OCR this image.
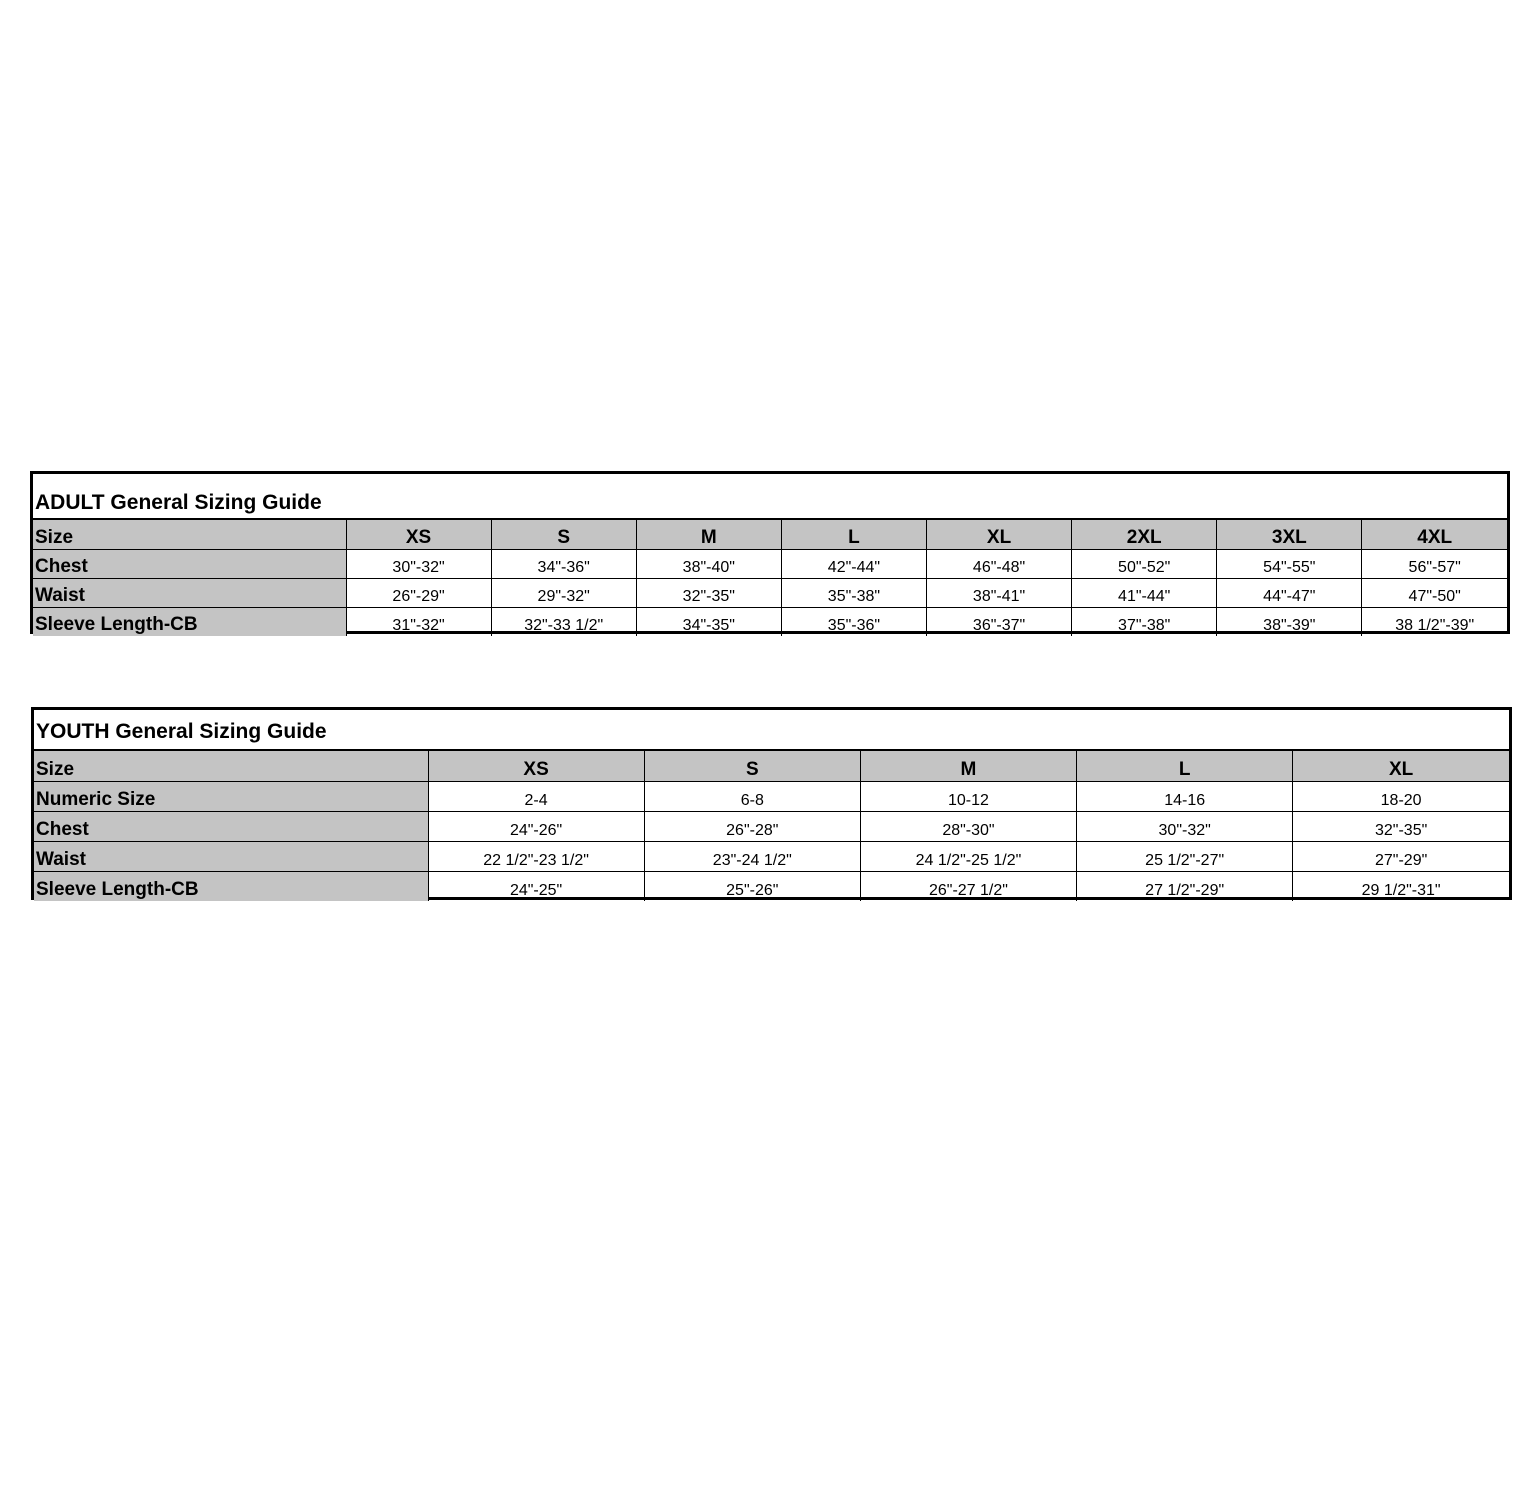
ADULT General Sizing Guide
Size	XS	S	M	L	XL	2XL	3XL	4XL
Chest	30"-32"	34"-36"	38"-40"	42"-44"	46"-48"	50"-52"	54"-55"	56"-57"
Waist	26"-29"	29"-32"	32"-35"	35"-38"	38"-41"	41"-44"	44"-47"	47"-50"
Sleeve Length-CB	31"-32"	32"-33 1/2"	34"-35"	35"-36"	36"-37"	37"-38"	38"-39"	38 1/2"-39"
YOUTH General Sizing Guide
Size	XS	S	M	L	XL
Numeric Size	2-4	6-8	10-12	14-16	18-20
Chest	24"-26"	26"-28"	28"-30"	30"-32"	32"-35"
Waist	22 1/2"-23 1/2"	23"-24 1/2"	24 1/2"-25 1/2"	25 1/2"-27"	27"-29"
Sleeve Length-CB	24"-25"	25"-26"	26"-27 1/2"	27 1/2"-29"	29 1/2"-31"
